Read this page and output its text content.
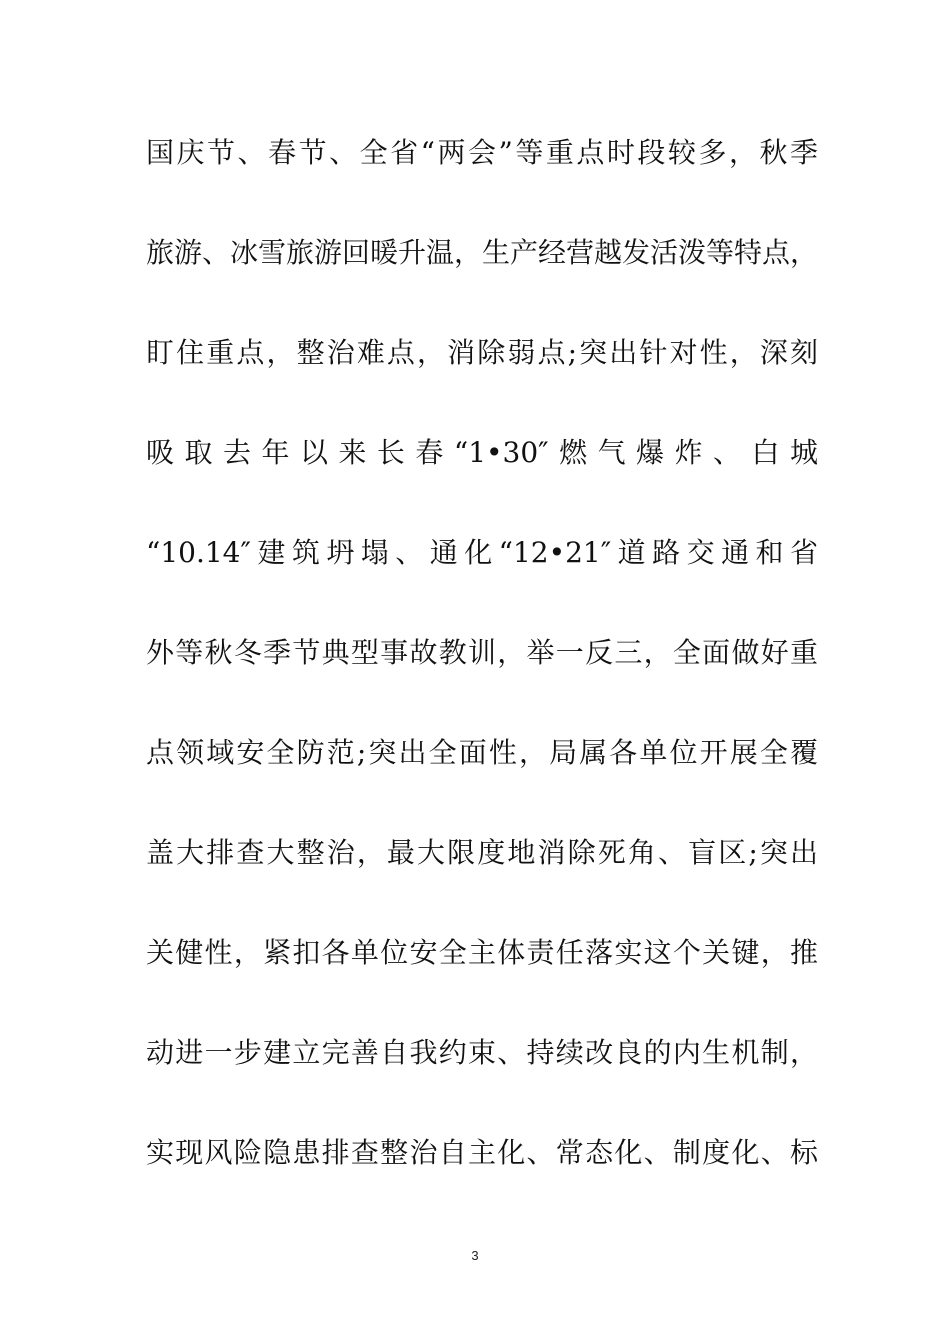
国庆节、春节、全省“两会”等重点时段较多，秋季
旅游、冰雪旅游回暖升温，生产经营越发活泼等特点，
盯住重点，整治难点，消除弱点;突出针对性，深刻
吸取去年以来长春“1•30″燃气爆炸、白城
“10.14″建筑坍塌、通化“12•21″道路交通和省
外等秋冬季节典型事故教训，举一反三，全面做好重
点领域安全防范;突出全面性，局属各单位开展全覆
盖大排查大整治，最大限度地消除死角、盲区;突出
关健性，紧扣各单位安全主体责任落实这个关键，推
动进一步建立完善自我约束、持续改良的内生机制，
实现风险隐患排查整治自主化、常态化、制度化、标
3
